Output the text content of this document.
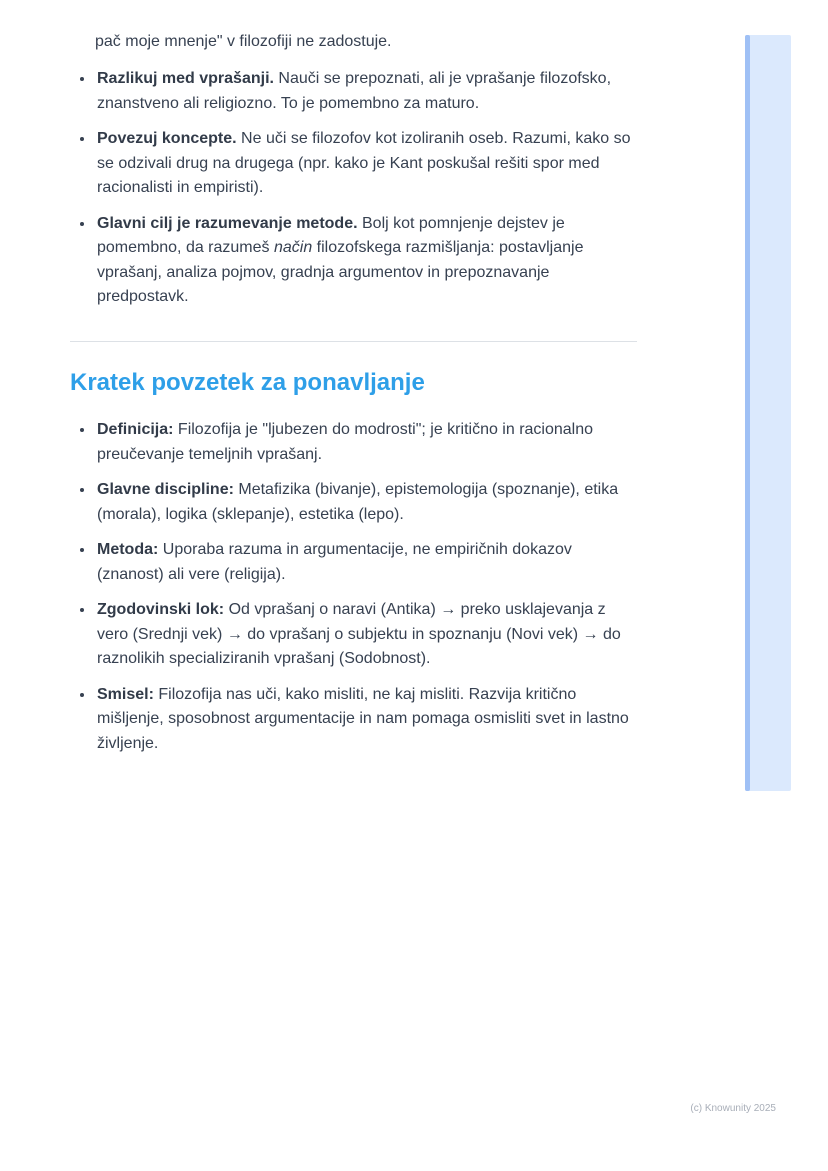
pač moje mnenje" v filozofiji ne zadostuje.

• Razlikuj med vprašanji. Nauči se prepoznati, ali je vprašanje filozofsko, znanstveno ali religiozno. To je pomembno za maturo.
• Povezuj koncepte. Ne uči se filozofov kot izoliranih oseb. Razumi, kako so se odzivali drug na drugega (npr. kako je Kant poskušal rešiti spor med racionalisti in empiristi).
• Glavni cilj je razumevanje metode. Bolj kot pomnjenje dejstev je pomembno, da razumeš način filozofskega razmišljanja: postavljanje vprašanj, analiza pojmov, gradnja argumentov in prepoznavanje predpostavk.
Kratek povzetek za ponavljanje
• Definicija: Filozofija je "ljubezen do modrosti"; je kritično in racionalno preučevanje temeljnih vprašanj.
• Glavne discipline: Metafizika (bivanje), epistemologija (spoznanje), etika (morala), logika (sklepanje), estetika (lepo).
• Metoda: Uporaba razuma in argumentacije, ne empiričnih dokazov (znanost) ali vere (religija).
• Zgodovinski lok: Od vprašanj o naravi (Antika) → preko usklajevanja z vero (Srednji vek) → do vprašanj o subjektu in spoznanju (Novi vek) → do raznolikih specializiranih vprašanj (Sodobnost).
• Smisel: Filozofija nas uči, kako misliti, ne kaj misliti. Razvija kritično mišljenje, sposobnost argumentacije in nam pomaga osmisliti svet in lastno življenje.
(c) Knowunity 2025
